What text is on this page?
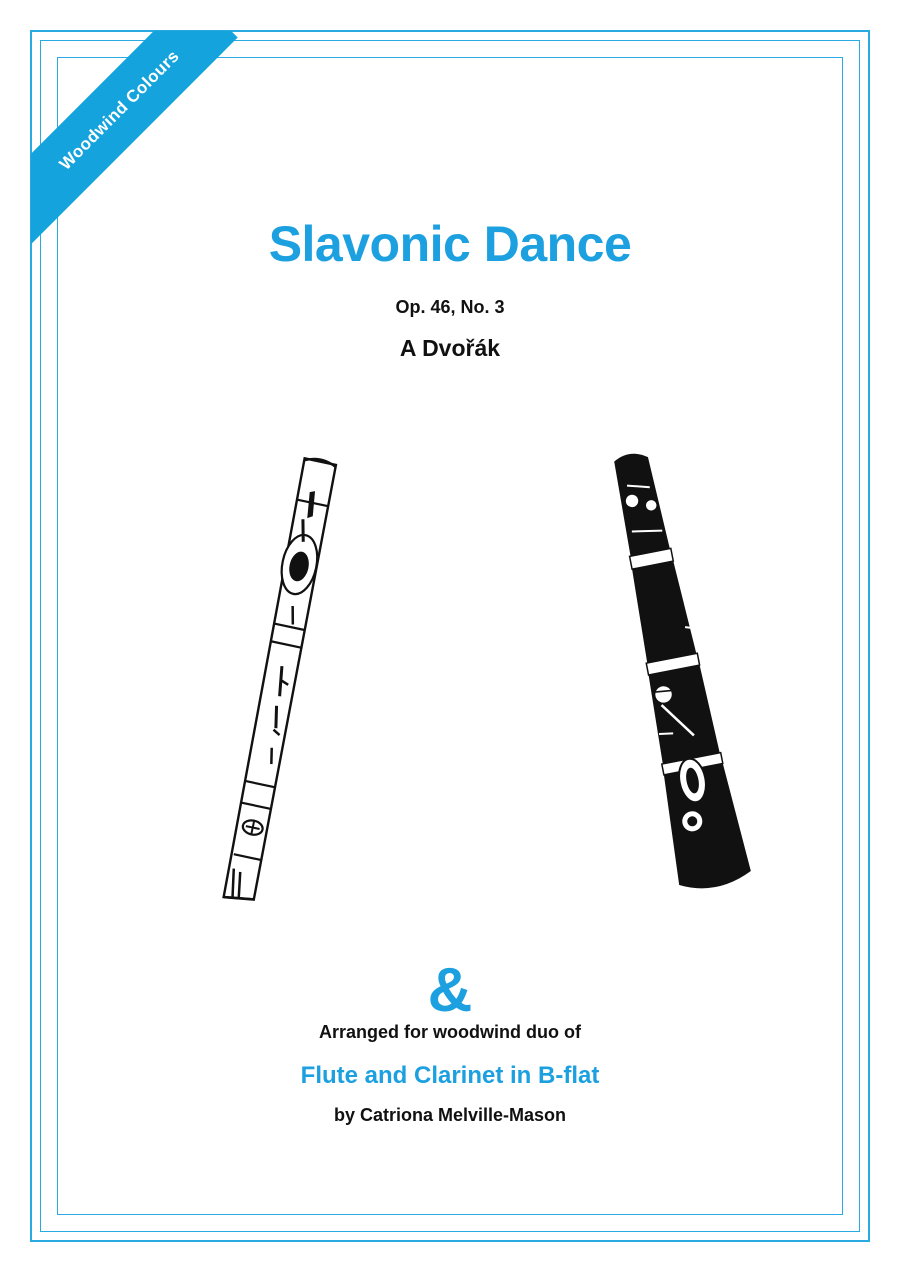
Woodwind Colours
Slavonic Dance
Op. 46, No. 3
A Dvořák
&
Arranged for woodwind duo of
Flute and Clarinet in B-flat
by Catriona Melville-Mason
